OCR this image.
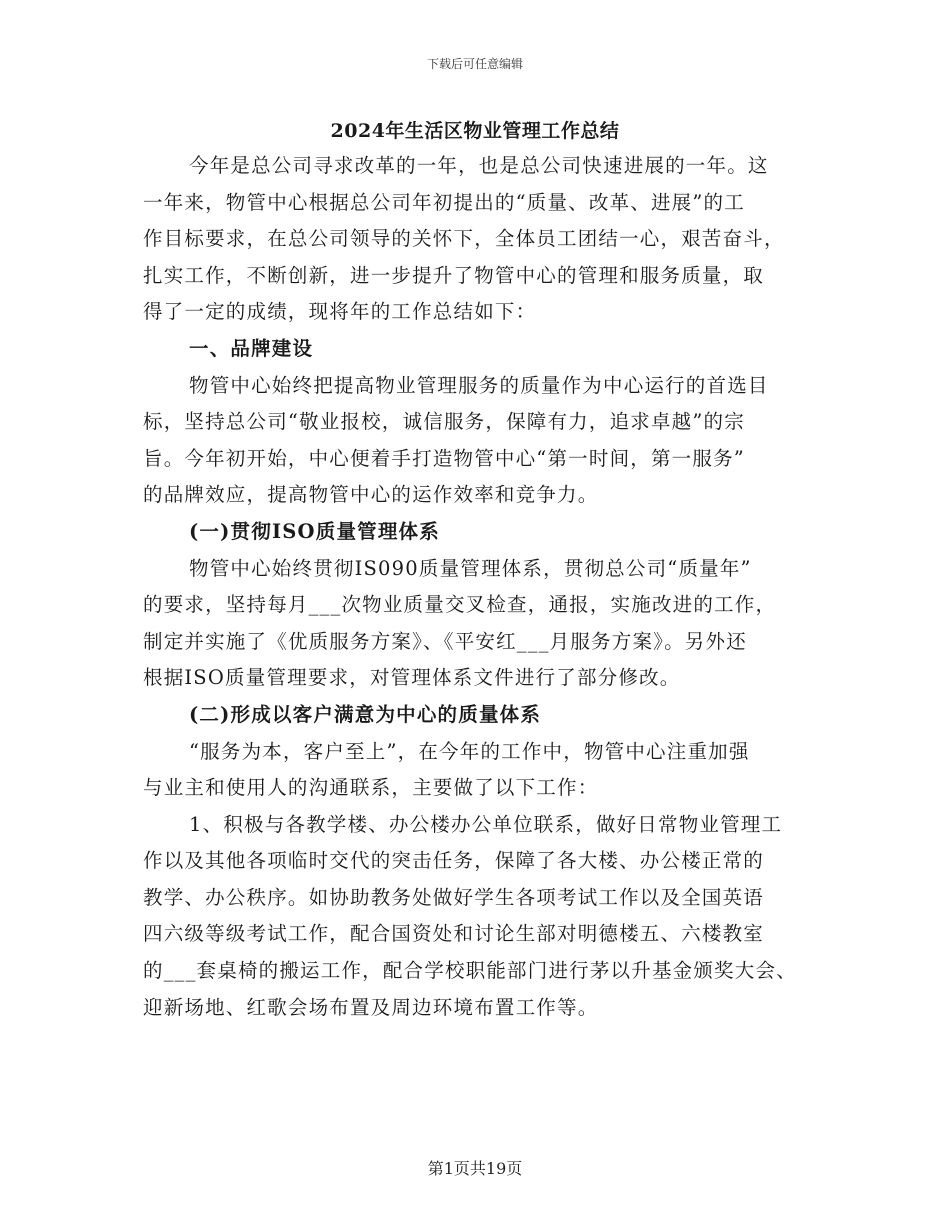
下载后可任意编辑
2024年生活区物业管理工作总结
今年是总公司寻求改革的一年，也是总公司快速进展的一年。这
一年来，物管中心根据总公司年初提出的“质量、改革、进展”的工
作目标要求，在总公司领导的关怀下，全体员工团结一心，艰苦奋斗，
扎实工作，不断创新，进一步提升了物管中心的管理和服务质量，取
得了一定的成绩，现将年的工作总结如下：
一、品牌建设
物管中心始终把提高物业管理服务的质量作为中心运行的首选目
标，坚持总公司“敬业报校，诚信服务，保障有力，追求卓越”的宗
旨。今年初开始，中心便着手打造物管中心“第一时间，第一服务”
的品牌效应，提高物管中心的运作效率和竞争力。
(一)贯彻ISO质量管理体系
物管中心始终贯彻IS090质量管理体系，贯彻总公司“质量年”
的要求，坚持每月___次物业质量交叉检查，通报，实施改进的工作，
制定并实施了《优质服务方案》、《平安红___月服务方案》。另外还
根据ISO质量管理要求，对管理体系文件进行了部分修改。
(二)形成以客户满意为中心的质量体系
“服务为本，客户至上”，在今年的工作中，物管中心注重加强
与业主和使用人的沟通联系，主要做了以下工作：
1、积极与各教学楼、办公楼办公单位联系，做好日常物业管理工
作以及其他各项临时交代的突击任务，保障了各大楼、办公楼正常的
教学、办公秩序。如协助教务处做好学生各项考试工作以及全国英语
四六级等级考试工作，配合国资处和讨论生部对明德楼五、六楼教室
的___套桌椅的搬运工作，配合学校职能部门进行茅以升基金颁奖大会、
迎新场地、红歌会场布置及周边环境布置工作等。
第1页共19页
